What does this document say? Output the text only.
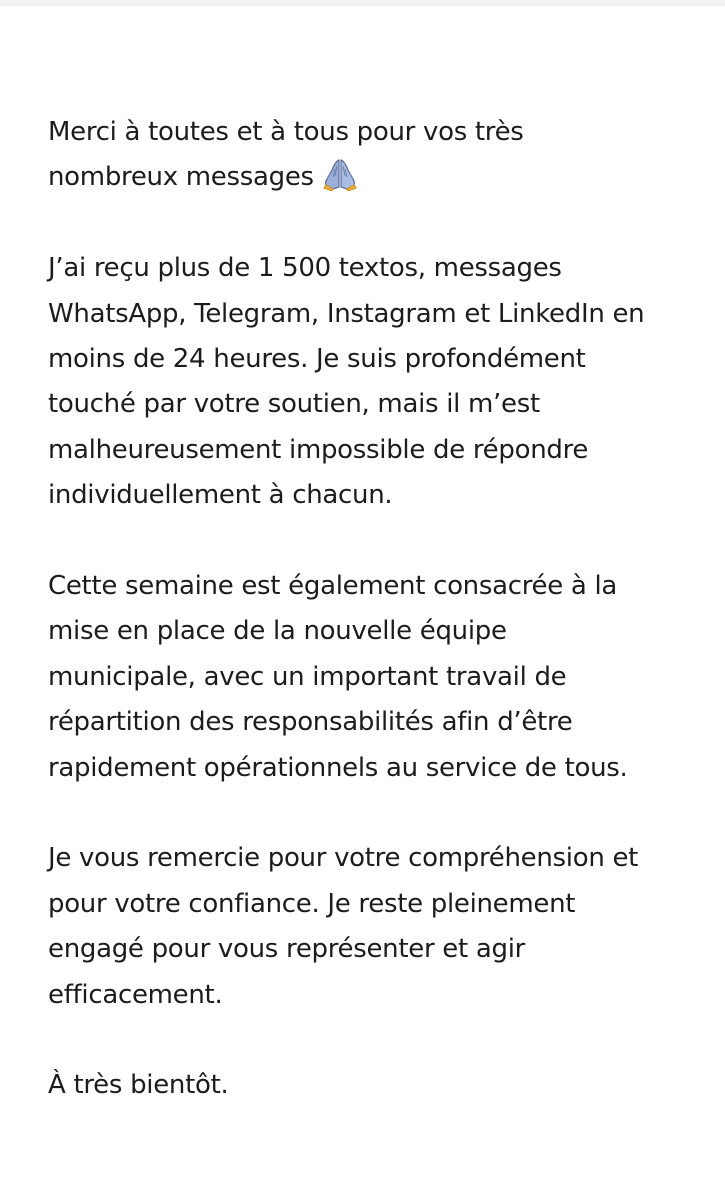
Merci à toutes et à tous pour vos très
nombreux messages
J’ai reçu plus de 1 500 textos, messages
WhatsApp, Telegram, Instagram et LinkedIn en
moins de 24 heures. Je suis profondément
touché par votre soutien, mais il m’est
malheureusement impossible de répondre
individuellement à chacun.
Cette semaine est également consacrée à la
mise en place de la nouvelle équipe
municipale, avec un important travail de
répartition des responsabilités afin d’être
rapidement opérationnels au service de tous.
Je vous remercie pour votre compréhension et
pour votre confiance. Je reste pleinement
engagé pour vous représenter et agir
efficacement.
À très bientôt.
